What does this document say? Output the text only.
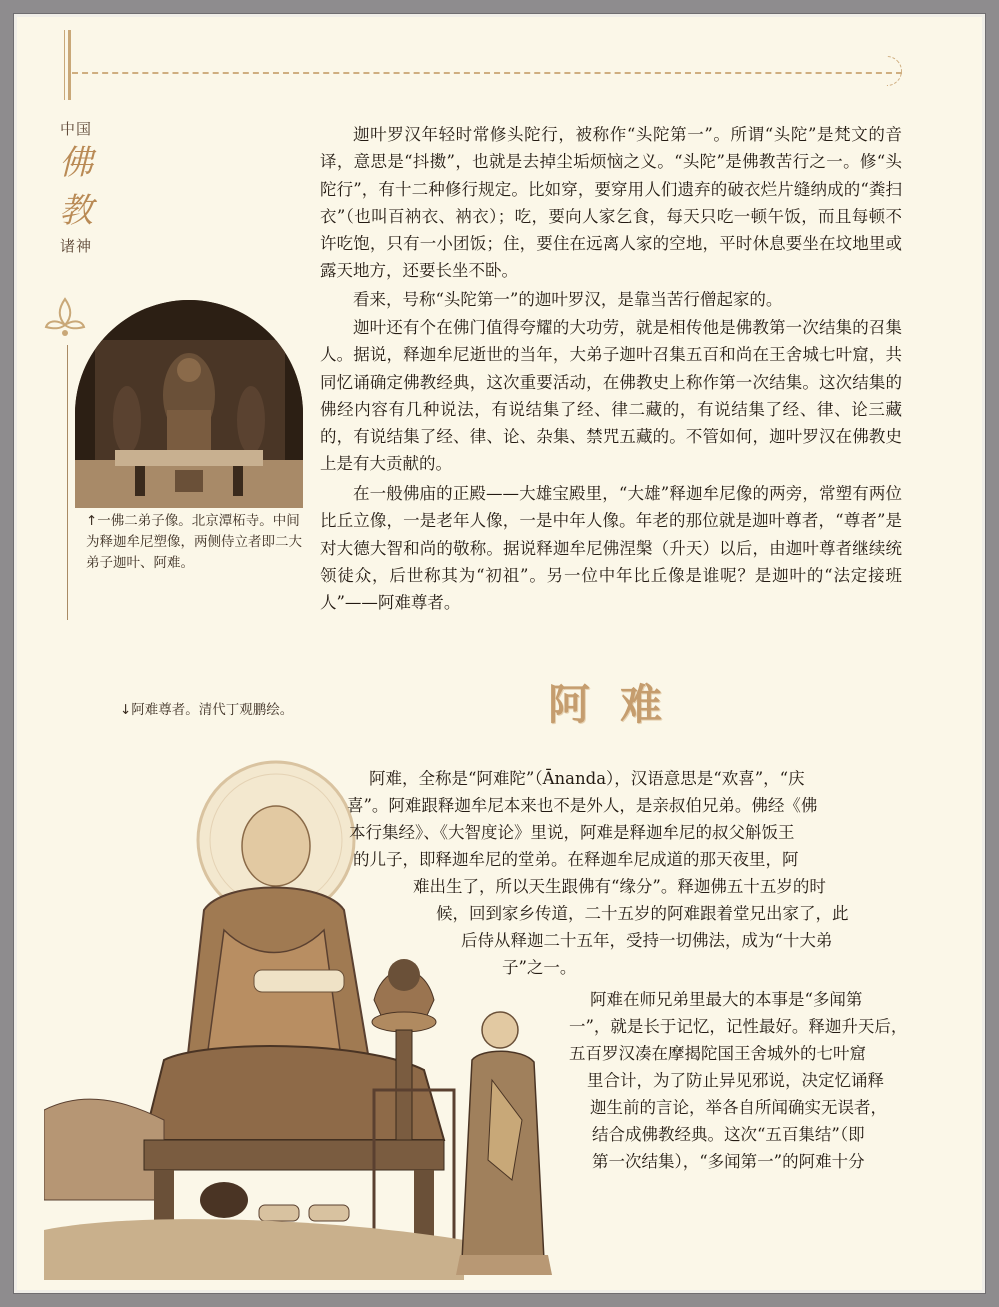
中国
佛
教
诸神
↑一佛二弟子像。北京潭柘寺。中间为释迦牟尼塑像，两侧侍立者即二大弟子迦叶、阿难。

迦叶罗汉年轻时常修头陀行，被称作“头陀第一”。所谓“头陀”是梵文的音译，意思是“抖擞”，也就是去掉尘垢烦恼之义。“头陀”是佛教苦行之一。修“头陀行”，有十二种修行规定。比如穿，要穿用人们遗弃的破衣烂片缝纳成的“粪扫衣”（也叫百衲衣、衲衣）；吃，要向人家乞食，每天只吃一顿午饭，而且每顿不许吃饱，只有一小团饭；住，要住在远离人家的空地，平时休息要坐在坟地里或露天地方，还要长坐不卧。

看来，号称“头陀第一”的迦叶罗汉，是靠当苦行僧起家的。

迦叶还有个在佛门值得夸耀的大功劳，就是相传他是佛教第一次结集的召集人。据说，释迦牟尼逝世的当年，大弟子迦叶召集五百和尚在王舍城七叶窟，共同忆诵确定佛教经典，这次重要活动，在佛教史上称作第一次结集。这次结集的佛经内容有几种说法，有说结集了经、律二藏的，有说结集了经、律、论三藏的，有说结集了经、律、论、杂集、禁咒五藏的。不管如何，迦叶罗汉在佛教史上是有大贡献的。

在一般佛庙的正殿——大雄宝殿里，“大雄”释迦牟尼像的两旁，常塑有两位比丘立像，一是老年人像，一是中年人像。年老的那位就是迦叶尊者，“尊者”是对大德大智和尚的敬称。据说释迦牟尼佛涅槃（升天）以后，由迦叶尊者继续统领徒众，后世称其为“初祖”。另一位中年比丘像是谁呢？是迦叶的“法定接班人”——阿难尊者。

↓阿难尊者。清代丁观鹏绘。	阿难
阿难，全称是“阿难陀”（Ānanda），汉语意思是“欢喜”，“庆
喜”。阿难跟释迦牟尼本来也不是外人，是亲叔伯兄弟。佛经《佛
本行集经》、《大智度论》里说，阿难是释迦牟尼的叔父斛饭王
的儿子，即释迦牟尼的堂弟。在释迦牟尼成道的那天夜里，阿
难出生了，所以天生跟佛有“缘分”。释迦佛五十五岁的时
候，回到家乡传道，二十五岁的阿难跟着堂兄出家了，此
后侍从释迦二十五年，受持一切佛法，成为“十大弟
子”之一。
阿难在师兄弟里最大的本事是“多闻第
一”，就是长于记忆，记性最好。释迦升天后，
五百罗汉凑在摩揭陀国王舍城外的七叶窟
里合计，为了防止异见邪说，决定忆诵释
迦生前的言论，举各自所闻确实无误者，
结合成佛教经典。这次“五百集结”（即
第一次结集），“多闻第一”的阿难十分
